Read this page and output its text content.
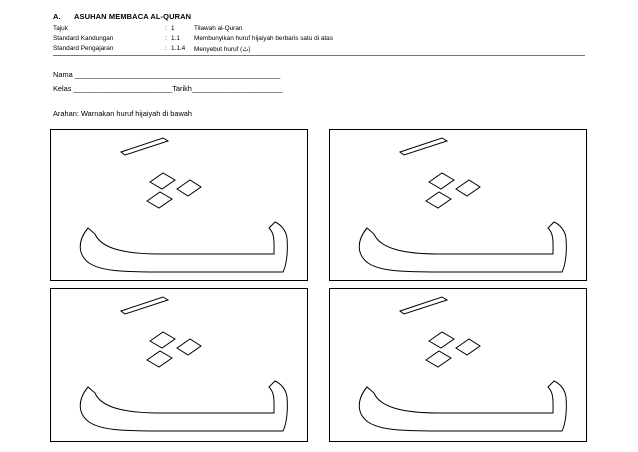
A. ASUHAN MEMBACA AL-QURAN
Tajuk	: 1	Tilawah al-Quran
Standard Kandungan	: 1.1 Membunyikan huruf hijaiyah berbaris satu di atas
Standard Pengajaran	: 1.1.4 Menyebut huruf (ثَ)
Nama __________________________________________________
Kelas ________________________Tarikh______________________
Arahan: Warnakan huruf hijaiyah di bawah
